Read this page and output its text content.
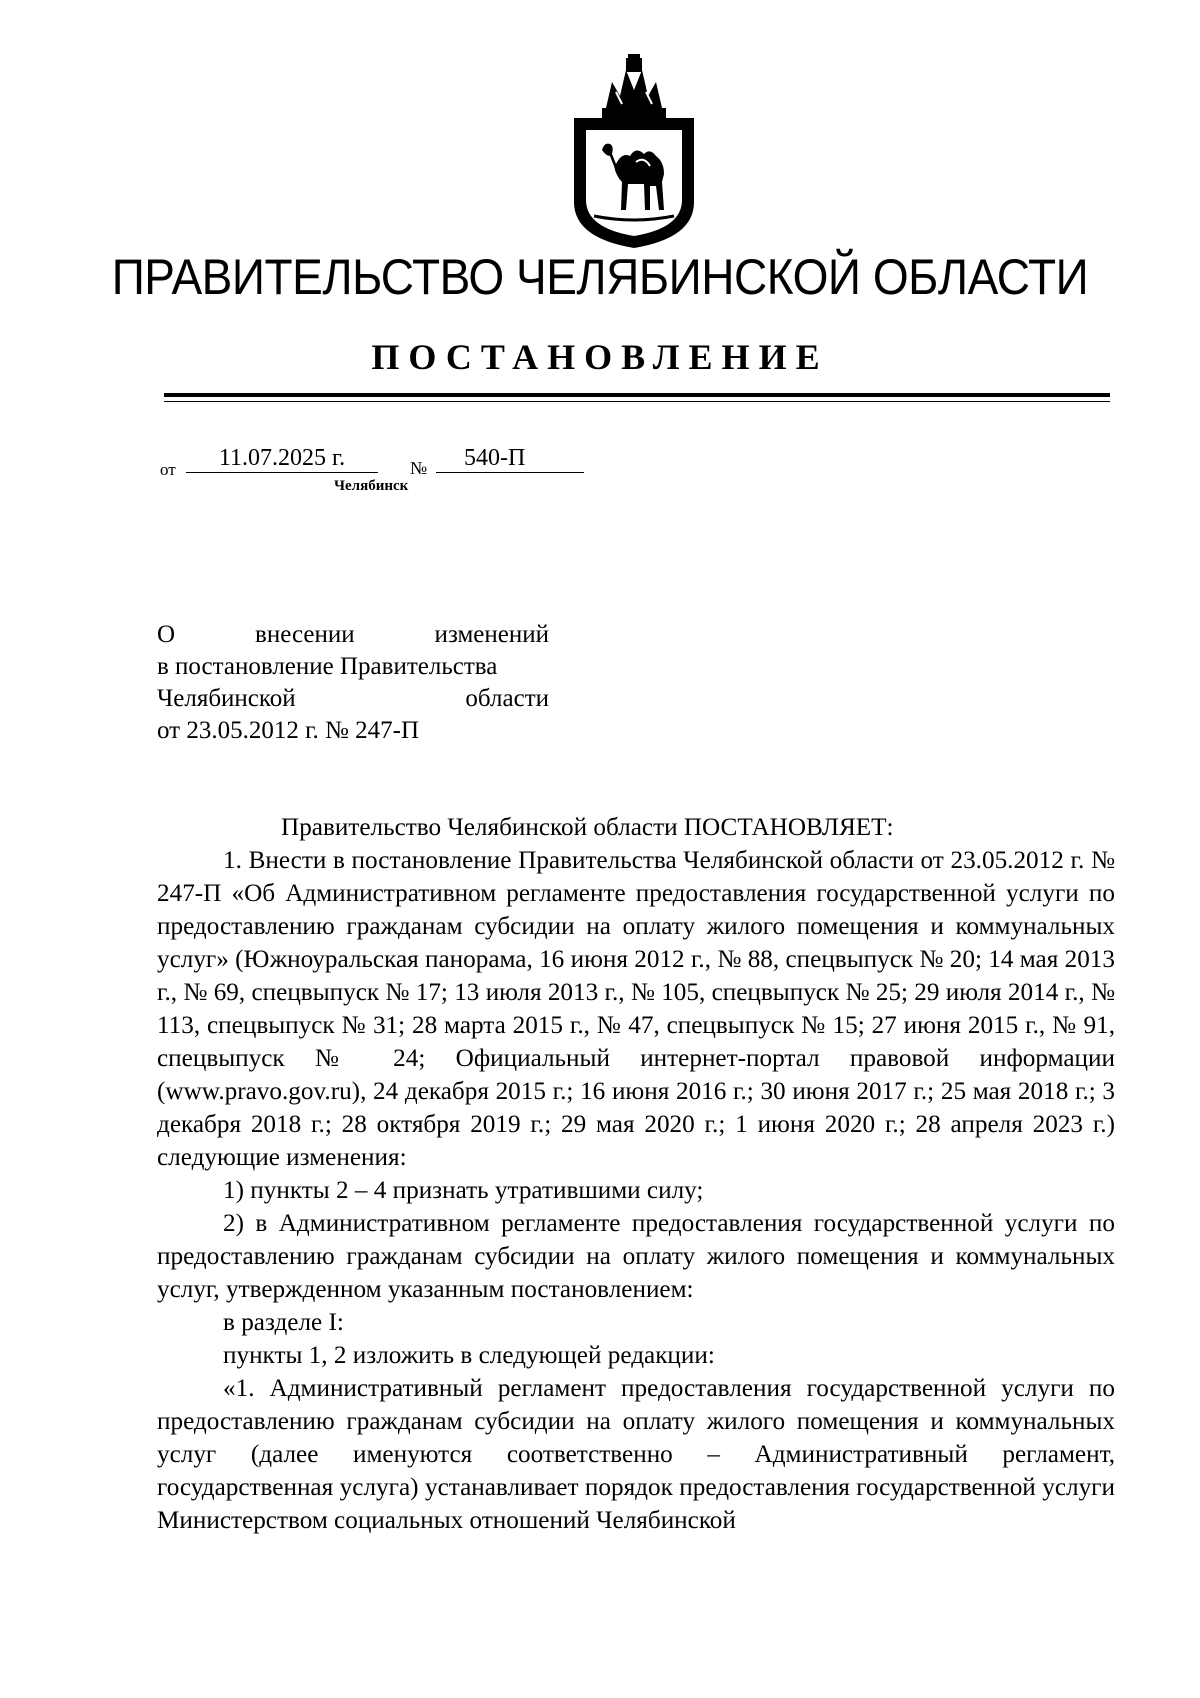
ПРАВИТЕЛЬСТВО ЧЕЛЯБИНСКОЙ ОБЛАСТИ
ПОСТАНОВЛЕНИЕ
от	11.07.2025 г.	№	540-П
Челябинск
О внесении изменений
в постановление Правительства
Челябинской области
от 23.05.2012 г. № 247-П

Правительство Челябинской области ПОСТАНОВЛЯЕТ:

1. Внести в постановление Правительства Челябинской области от 23.05.2012 г. № 247-П «Об Административном регламенте предоставления государственной услуги по предоставлению гражданам субсидии на оплату жилого помещения и коммунальных услуг» (Южноуральская панорама, 16 июня 2012 г., № 88, спецвыпуск № 20; 14 мая 2013 г., № 69, спецвыпуск № 17; 13 июля 2013 г., № 105, спецвыпуск № 25; 29 июля 2014 г., № 113, спецвыпуск № 31; 28 марта 2015 г., № 47, спецвыпуск № 15; 27 июня 2015 г., № 91, спецвыпуск № 24; Официальный интернет-портал правовой информации (www.pravo.gov.ru), 24 декабря 2015 г.; 16 июня 2016 г.; 30 июня 2017 г.; 25 мая 2018 г.; 3 декабря 2018 г.; 28 октября 2019 г.; 29 мая 2020 г.; 1 июня 2020 г.; 28 апреля 2023 г.) следующие изменения:

1) пункты 2 – 4 признать утратившими силу;

2) в Административном регламенте предоставления государственной услуги по предоставлению гражданам субсидии на оплату жилого помещения и коммунальных услуг, утвержденном указанным постановлением:

в разделе I:

пункты 1, 2 изложить в следующей редакции:

«1. Административный регламент предоставления государственной услуги по предоставлению гражданам субсидии на оплату жилого помещения и коммунальных услуг (далее именуются соответственно – Административный регламент, государственная услуга) устанавливает порядок предоставления государственной услуги Министерством социальных отношений Челябинской
